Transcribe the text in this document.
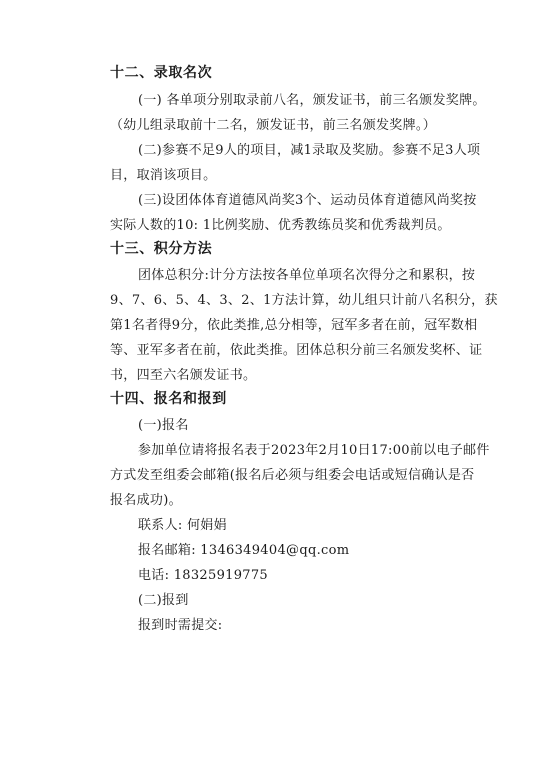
十二、录取名次
(一) 各单项分别取录前八名，颁发证书，前三名颁发奖牌。
（幼儿组录取前十二名，颁发证书，前三名颁发奖牌。）
(二)参赛不足9人的项目，减1录取及奖励。参赛不足3人项
目，取消该项目。
(三)设团体体育道德风尚奖3个、运动员体育道德风尚奖按
实际人数的10: 1比例奖励、优秀教练员奖和优秀裁判员。
十三、积分方法
团体总积分:计分方法按各单位单项名次得分之和累积，按
9、7、6、5、4、3、2、1方法计算，幼儿组只计前八名积分，获
第1名者得9分，依此类推,总分相等，冠军多者在前，冠军数相
等、亚军多者在前，依此类推。团体总积分前三名颁发奖杯、证
书，四至六名颁发证书。
十四、报名和报到
(一)报名
参加单位请将报名表于2023年2月10日17:00前以电子邮件
方式发至组委会邮箱(报名后必须与组委会电话或短信确认是否
报名成功)。
联系人: 何娟娟
报名邮箱: 1346349404@qq.com
电话: 18325919775
(二)报到
报到时需提交:
